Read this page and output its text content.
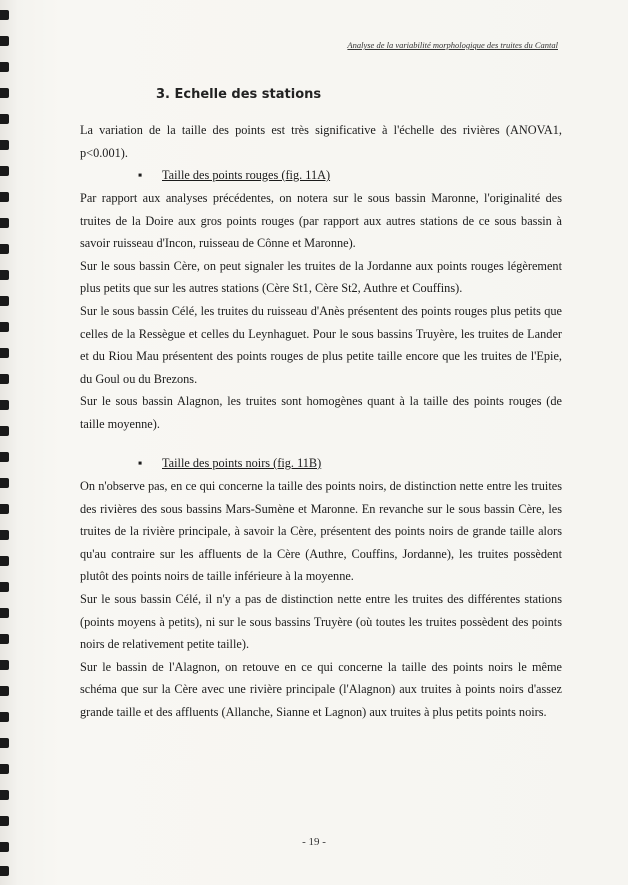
Analyse de la variabilité morphologique des truites du Cantal
3. Echelle des stations

La variation de la taille des points est très significative à l'échelle des rivières (ANOVA1, p<0.001).

▪ Taille des points rouges (fig. 11A)

Par rapport aux analyses précédentes, on notera sur le sous bassin Maronne, l'originalité des truites de la Doire aux gros points rouges (par rapport aux autres stations de ce sous bassin à savoir ruisseau d'Incon, ruisseau de Cônne et Maronne).

Sur le sous bassin Cère, on peut signaler les truites de la Jordanne aux points rouges légèrement plus petits que sur les autres stations (Cère St1, Cère St2, Authre et Couffins).

Sur le sous bassin Célé, les truites du ruisseau d'Anès présentent des points rouges plus petits que celles de la Ressègue et celles du Leynhaguet. Pour le sous bassins Truyère, les truites de Lander et du Riou Mau présentent des points rouges de plus petite taille encore que les truites de l'Epie, du Goul ou du Brezons.

Sur le sous bassin Alagnon, les truites sont homogènes quant à la taille des points rouges (de taille moyenne).

▪ Taille des points noirs (fig. 11B)

On n'observe pas, en ce qui concerne la taille des points noirs, de distinction nette entre les truites des rivières des sous bassins Mars-Sumène et Maronne. En revanche sur le sous bassin Cère, les truites de la rivière principale, à savoir la Cère, présentent des points noirs de grande taille alors qu'au contraire sur les affluents de la Cère (Authre, Couffins, Jordanne), les truites possèdent plutôt des points noirs de taille inférieure à la moyenne.

Sur le sous bassin Célé, il n'y a pas de distinction nette entre les truites des différentes stations (points moyens à petits), ni sur le sous bassins Truyère (où toutes les truites possèdent des points noirs de relativement petite taille).

Sur le bassin de l'Alagnon, on retouve en ce qui concerne la taille des points noirs le même schéma que sur la Cère avec une rivière principale (l'Alagnon) aux truites à points noirs d'assez grande taille et des affluents (Allanche, Sianne et Lagnon) aux truites à plus petits points noirs.

- 19 -
